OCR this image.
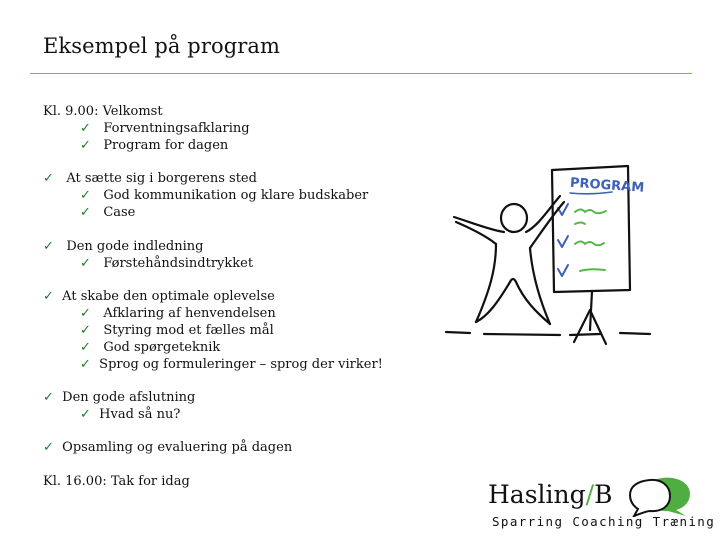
Eksempel på program
Kl. 9.00: Velkomst
✓ Forventningsafklaring
✓ Program for dagen
✓ At sætte sig i borgerens sted
✓ God kommunikation og klare budskaber
✓ Case
✓ Den gode indledning
✓ Førstehåndsindtrykket
✓ At skabe den optimale oplevelse
✓ Afklaring af henvendelsen
✓ Styring mod et fælles mål
✓ God spørgeteknik
✓ Sprog og formuleringer – sprog der virker!
✓ Den gode afslutning
✓ Hvad så nu?
✓ Opsamling og evaluering på dagen
Kl. 16.00: Tak for idag
PROGRAM
Hasling/B
Sparring Coaching Træning
